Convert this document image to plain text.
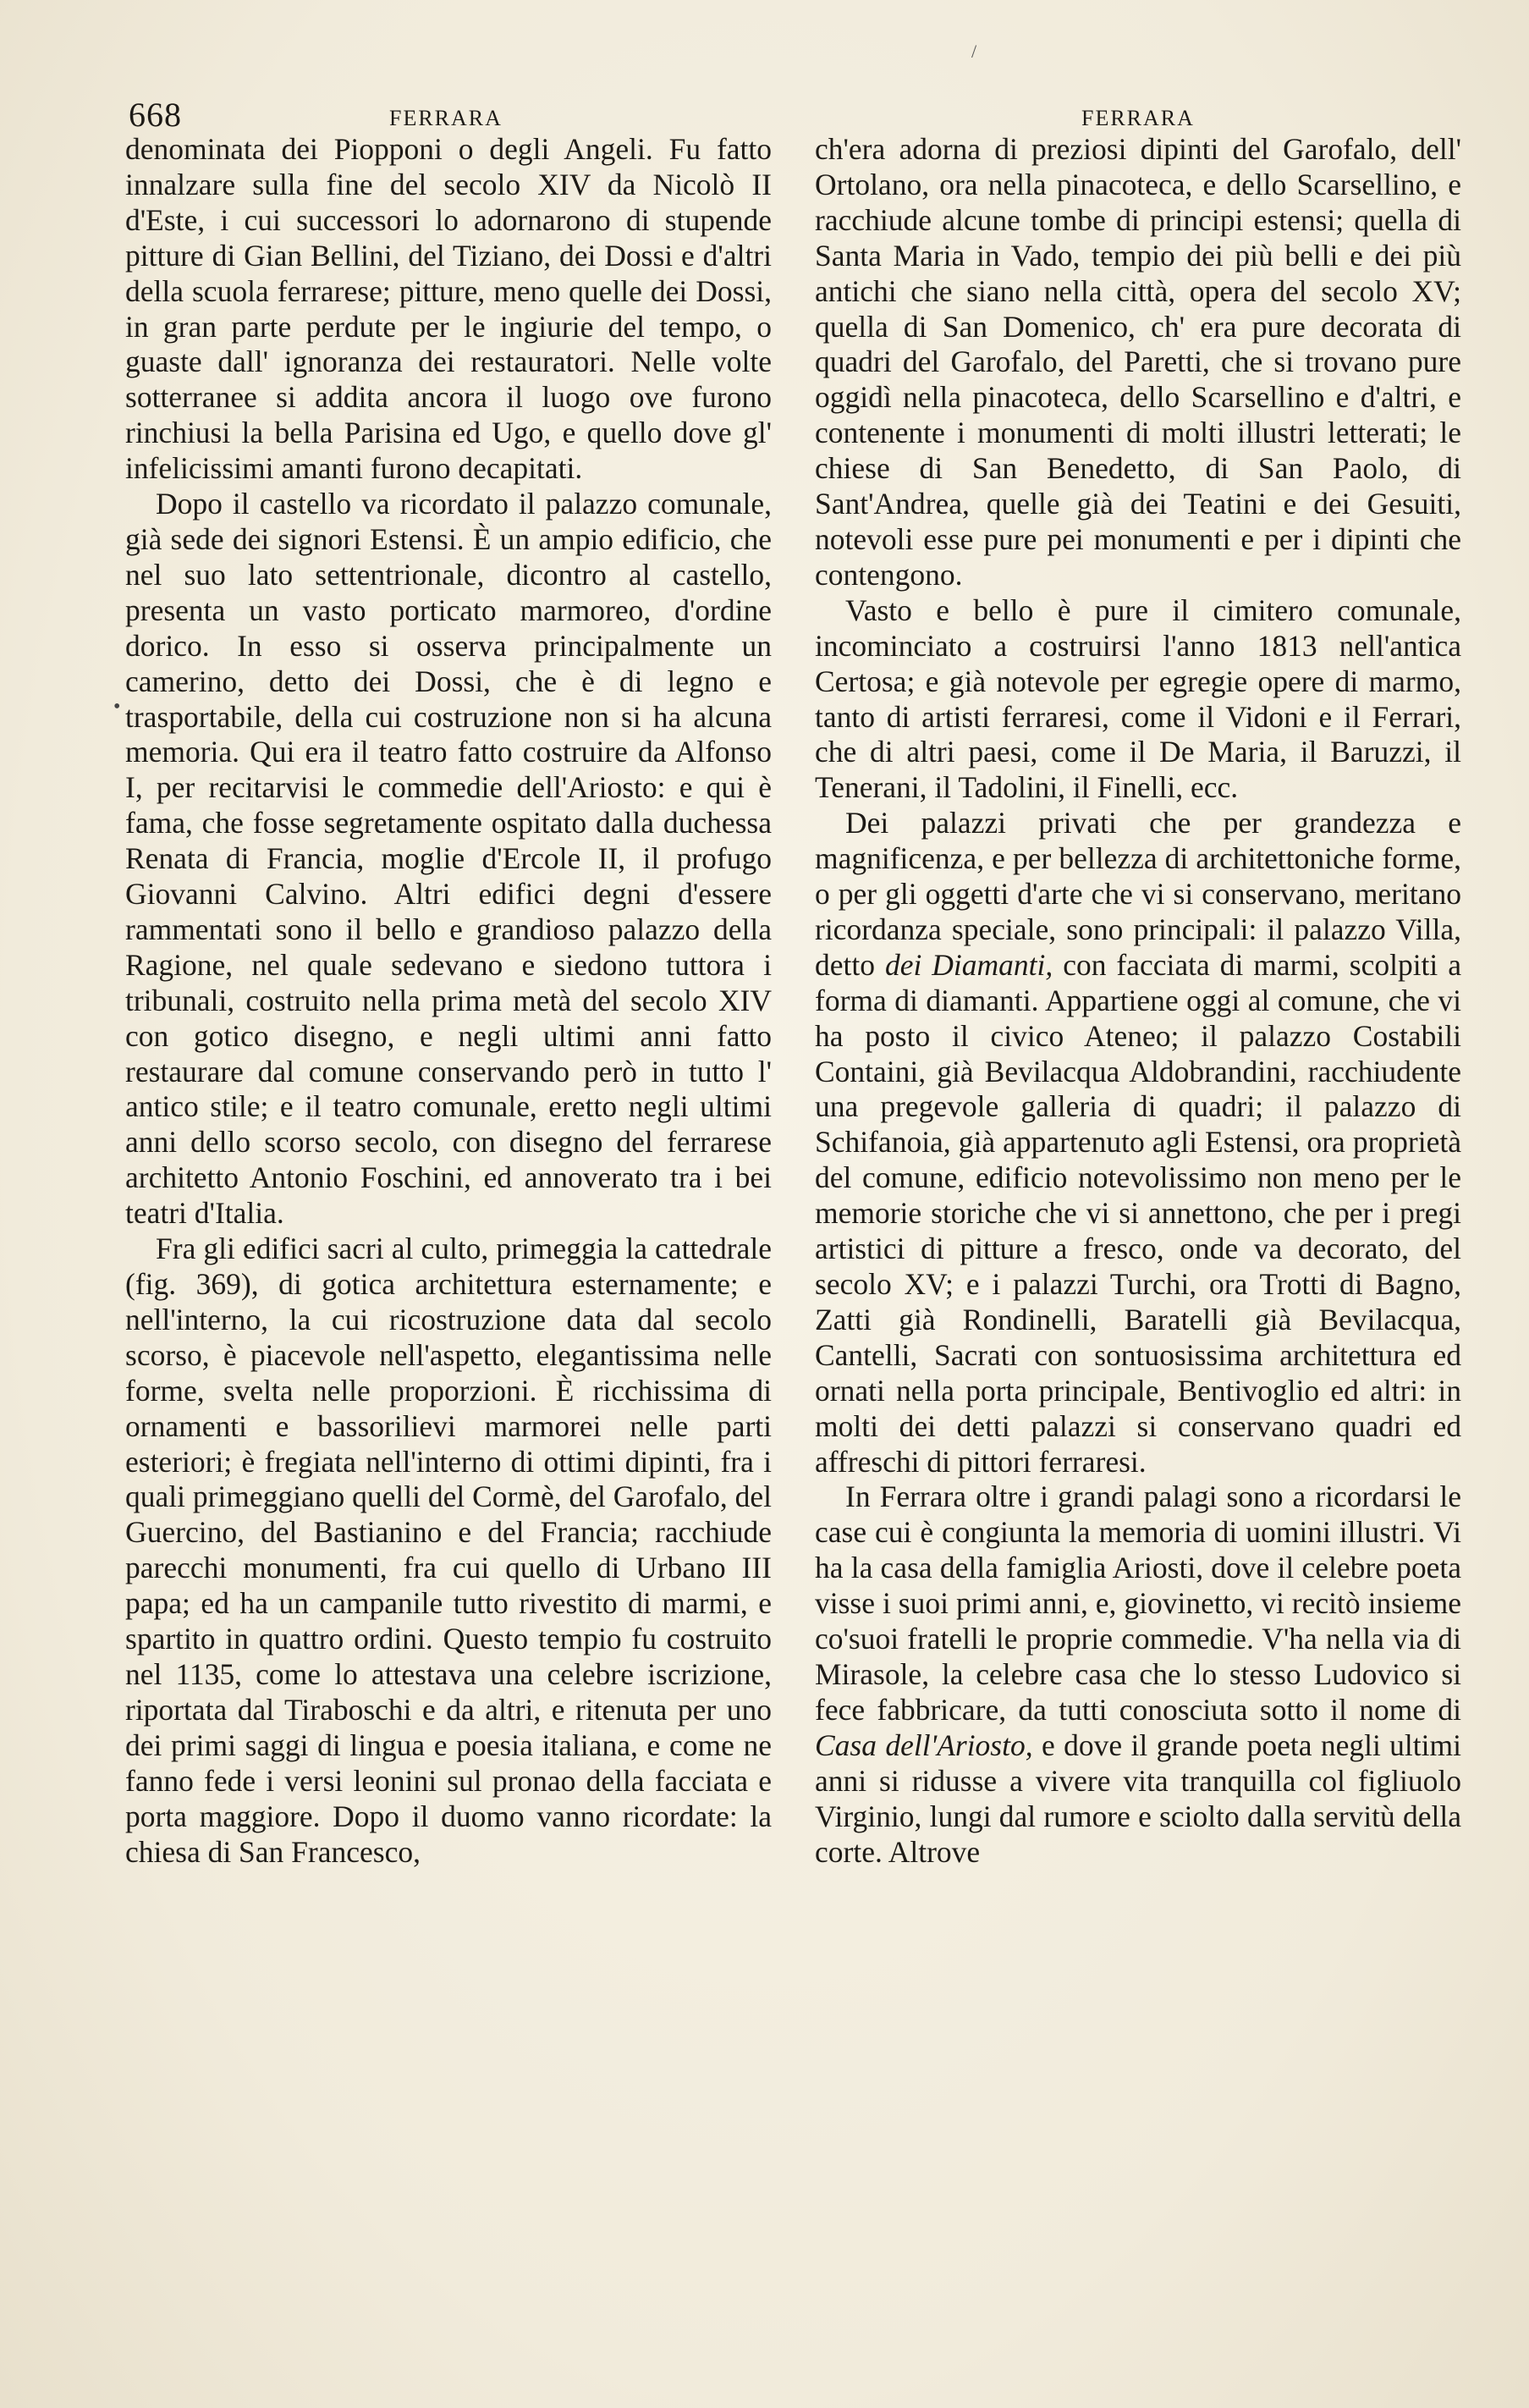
/
668	FERRARA	FERRARA
•

denominata dei Piopponi o degli Angeli. Fu fatto innalzare sulla fine del secolo XIV da Nicolò II d'Este, i cui successori lo adornarono di stupende pitture di Gian Bellini, del Tiziano, dei Dossi e d'altri della scuola ferrarese; pitture, meno quelle dei Dossi, in gran parte perdute per le ingiurie del tempo, o guaste dall' ignoranza dei restauratori. Nelle volte sotterranee si addita ancora il luogo ove furono rinchiusi la bella Parisina ed Ugo, e quello dove gl' infelicissimi amanti furono decapitati.

Dopo il castello va ricordato il palazzo comunale, già sede dei signori Estensi. È un ampio edificio, che nel suo lato settentrionale, dicontro al castello, presenta un vasto porticato marmoreo, d'ordine dorico. In esso si osserva principalmente un camerino, detto dei Dossi, che è di legno e trasportabile, della cui costruzione non si ha alcuna memoria. Qui era il teatro fatto costruire da Alfonso I, per recitarvisi le commedie dell'Ariosto: e qui è fama, che fosse segretamente ospitato dalla duchessa Renata di Francia, moglie d'Ercole II, il profugo Giovanni Calvino. Altri edifici degni d'essere rammentati sono il bello e grandioso palazzo della Ragione, nel quale sedevano e siedono tuttora i tribunali, costruito nella prima metà del secolo XIV con gotico disegno, e negli ultimi anni fatto restaurare dal comune conservando però in tutto l' antico stile; e il teatro comunale, eretto negli ultimi anni dello scorso secolo, con disegno del ferrarese architetto Antonio Foschini, ed annoverato tra i bei teatri d'Italia.

Fra gli edifici sacri al culto, primeggia la cattedrale (fig. 369), di gotica architettura esternamente; e nell'interno, la cui ricostruzione data dal secolo scorso, è piacevole nell'aspetto, elegantissima nelle forme, svelta nelle proporzioni. È ricchissima di ornamenti e bassorilievi marmorei nelle parti esteriori; è fregiata nell'interno di ottimi dipinti, fra i quali primeggiano quelli del Cormè, del Garofalo, del Guercino, del Bastianino e del Francia; racchiude parecchi monumenti, fra cui quello di Urbano III papa; ed ha un campanile tutto rivestito di marmi, e spartito in quattro ordini. Questo tempio fu costruito nel 1135, come lo attestava una celebre iscrizione, riportata dal Tiraboschi e da altri, e ritenuta per uno dei primi saggi di lingua e poesia italiana, e come ne fanno fede i versi leonini sul pronao della facciata e porta maggiore. Dopo il duomo vanno ricordate: la chiesa di San Francesco,

ch'era adorna di preziosi dipinti del Garofalo, dell' Ortolano, ora nella pinacoteca, e dello Scarsellino, e racchiude alcune tombe di principi estensi; quella di Santa Maria in Vado, tempio dei più belli e dei più antichi che siano nella città, opera del secolo XV; quella di San Domenico, ch' era pure decorata di quadri del Garofalo, del Paretti, che si trovano pure oggidì nella pinacoteca, dello Scarsellino e d'altri, e contenente i monumenti di molti illustri letterati; le chiese di San Benedetto, di San Paolo, di Sant'Andrea, quelle già dei Teatini e dei Gesuiti, notevoli esse pure pei monumenti e per i dipinti che contengono.

Vasto e bello è pure il cimitero comunale, incominciato a costruirsi l'anno 1813 nell'antica Certosa; e già notevole per egregie opere di marmo, tanto di artisti ferraresi, come il Vidoni e il Ferrari, che di altri paesi, come il De Maria, il Baruzzi, il Tenerani, il Tadolini, il Finelli, ecc.

Dei palazzi privati che per grandezza e magnificenza, e per bellezza di architettoniche forme, o per gli oggetti d'arte che vi si conservano, meritano ricordanza speciale, sono principali: il palazzo Villa, detto dei Diamanti, con facciata di marmi, scolpiti a forma di diamanti. Appartiene oggi al comune, che vi ha posto il civico Ateneo; il palazzo Costabili Containi, già Bevilacqua Aldobrandini, racchiudente una pregevole galleria di quadri; il palazzo di Schifanoia, già appartenuto agli Estensi, ora proprietà del comune, edificio notevolissimo non meno per le memorie storiche che vi si annettono, che per i pregi artistici di pitture a fresco, onde va decorato, del secolo XV; e i palazzi Turchi, ora Trotti di Bagno, Zatti già Rondinelli, Baratelli già Bevilacqua, Cantelli, Sacrati con sontuosissima architettura ed ornati nella porta principale, Bentivoglio ed altri: in molti dei detti palazzi si conservano quadri ed affreschi di pittori ferraresi.

In Ferrara oltre i grandi palagi sono a ricordarsi le case cui è congiunta la memoria di uomini illustri. Vi ha la casa della famiglia Ariosti, dove il celebre poeta visse i suoi primi anni, e, giovinetto, vi recitò insieme co'suoi fratelli le proprie commedie. V'ha nella via di Mirasole, la celebre casa che lo stesso Ludovico si fece fabbricare, da tutti conosciuta sotto il nome di Casa dell'Ariosto, e dove il grande poeta negli ultimi anni si ridusse a vivere vita tranquilla col figliuolo Virginio, lungi dal rumore e sciolto dalla servitù della corte. Altrove
